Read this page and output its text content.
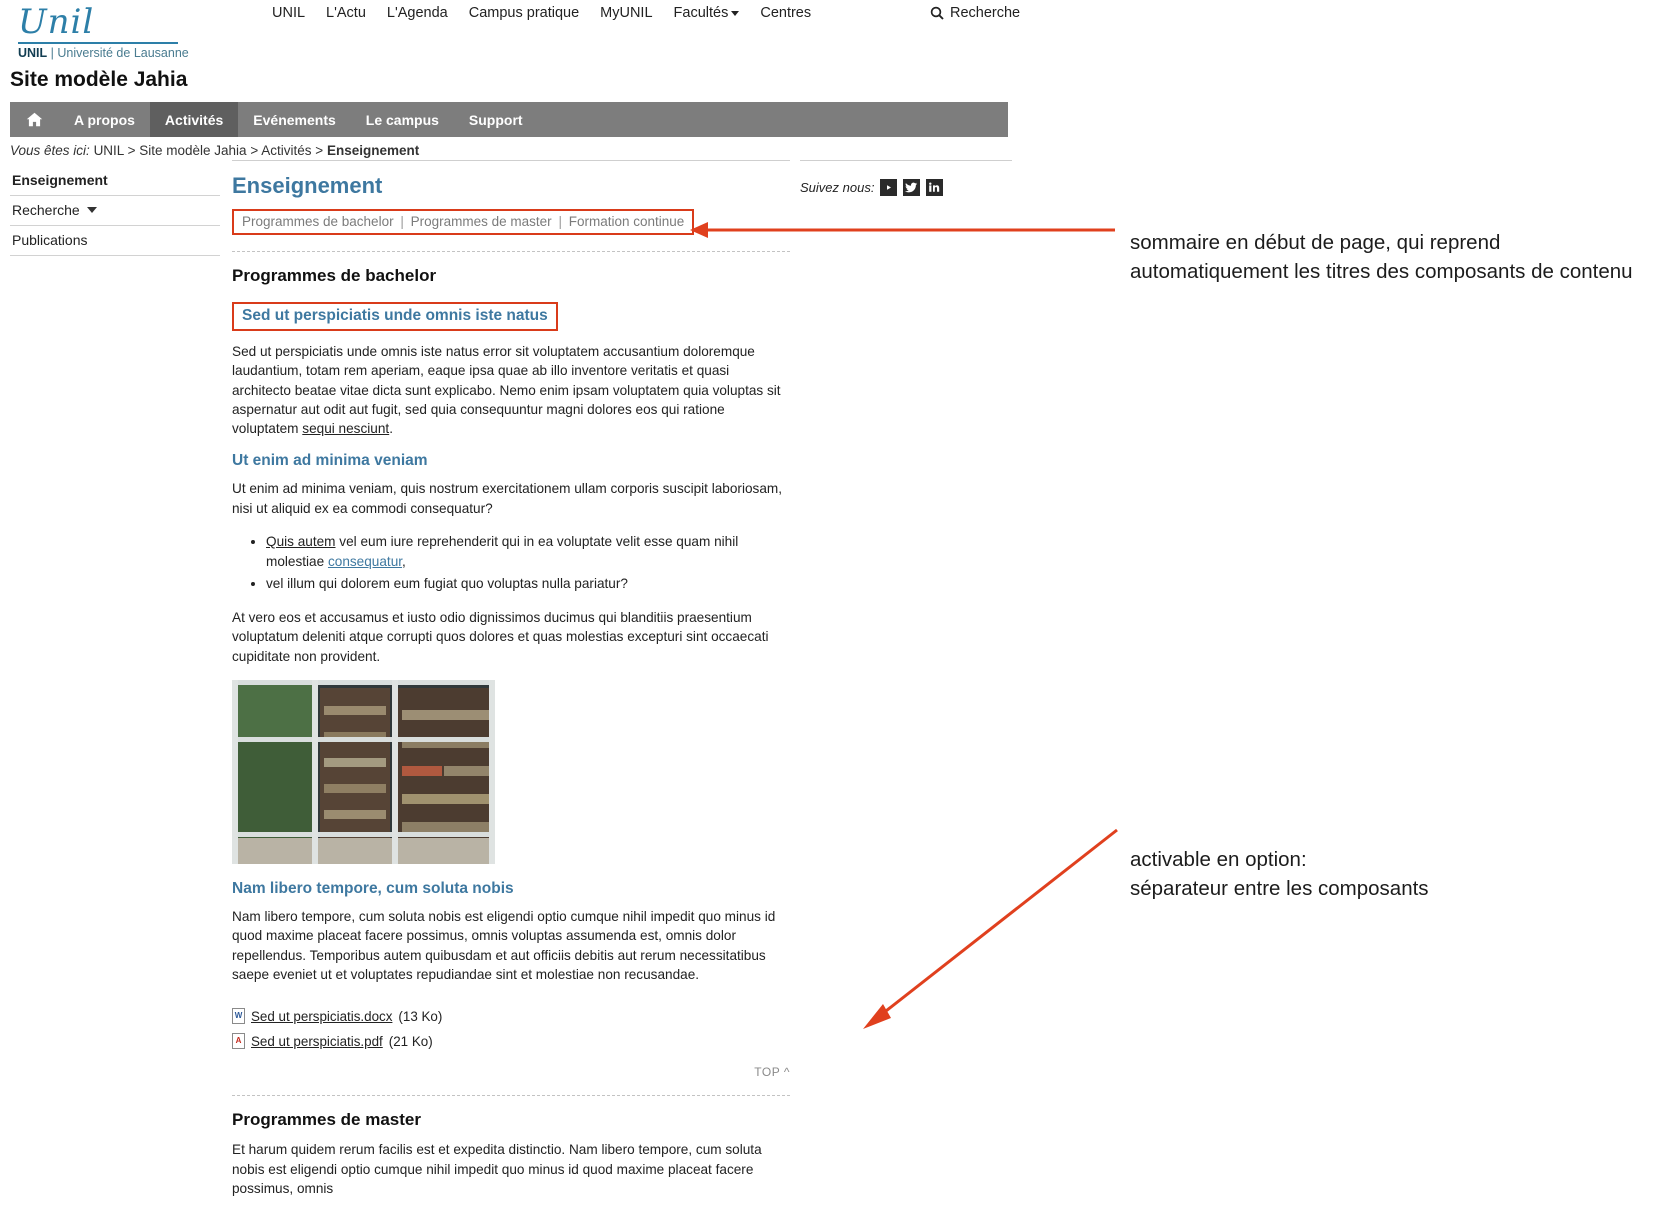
Unil
UNIL | Université de Lausanne
UNIL L'Actu L'Agenda Campus pratique MyUNIL Facultés	Centres	Recherche
Site modèle Jahia
A propos	Activités	Evénements	Le campus	Support
Vous êtes ici: UNIL > Site modèle Jahia > Activités > Enseignement
Enseignement
Recherche
Publications
Enseignement
Programmes de bachelor | Programmes de master | Formation continue
Programmes de bachelor
Sed ut perspiciatis unde omnis iste natus

Sed ut perspiciatis unde omnis iste natus error sit voluptatem accusantium doloremque laudantium, totam rem aperiam, eaque ipsa quae ab illo inventore veritatis et quasi architecto beatae vitae dicta sunt explicabo. Nemo enim ipsam voluptatem quia voluptas sit aspernatur aut odit aut fugit, sed quia consequuntur magni dolores eos qui ratione voluptatem sequi nesciunt.

Ut enim ad minima veniam

Ut enim ad minima veniam, quis nostrum exercitationem ullam corporis suscipit laboriosam, nisi ut aliquid ex ea commodi consequatur?

• Quis autem vel eum iure reprehenderit qui in ea voluptate velit esse quam nihil molestiae consequatur,
• vel illum qui dolorem eum fugiat quo voluptas nulla pariatur?

At vero eos et accusamus et iusto odio dignissimos ducimus qui blanditiis praesentium voluptatum deleniti atque corrupti quos dolores et quas molestias excepturi sint occaecati cupiditate non provident.

Nam libero tempore, cum soluta nobis

Nam libero tempore, cum soluta nobis est eligendi optio cumque nihil impedit quo minus id quod maxime placeat facere possimus, omnis voluptas assumenda est, omnis dolor repellendus. Temporibus autem quibusdam et aut officiis debitis aut rerum necessitatibus saepe eveniet ut et voluptates repudiandae sint et molestiae non recusandae.

W Sed ut perspiciatis.docx (13 Ko)
A Sed ut perspiciatis.pdf (21 Ko)
TOP ^
Programmes de master

Et harum quidem rerum facilis est et expedita distinctio. Nam libero tempore, cum soluta nobis est eligendi optio cumque nihil impedit quo minus id quod maxime placeat facere possimus, omnis

Suivez nous:
sommaire en début de page, qui reprend automatiquement les titres des composants de contenu
activable en option:
séparateur entre les composants
